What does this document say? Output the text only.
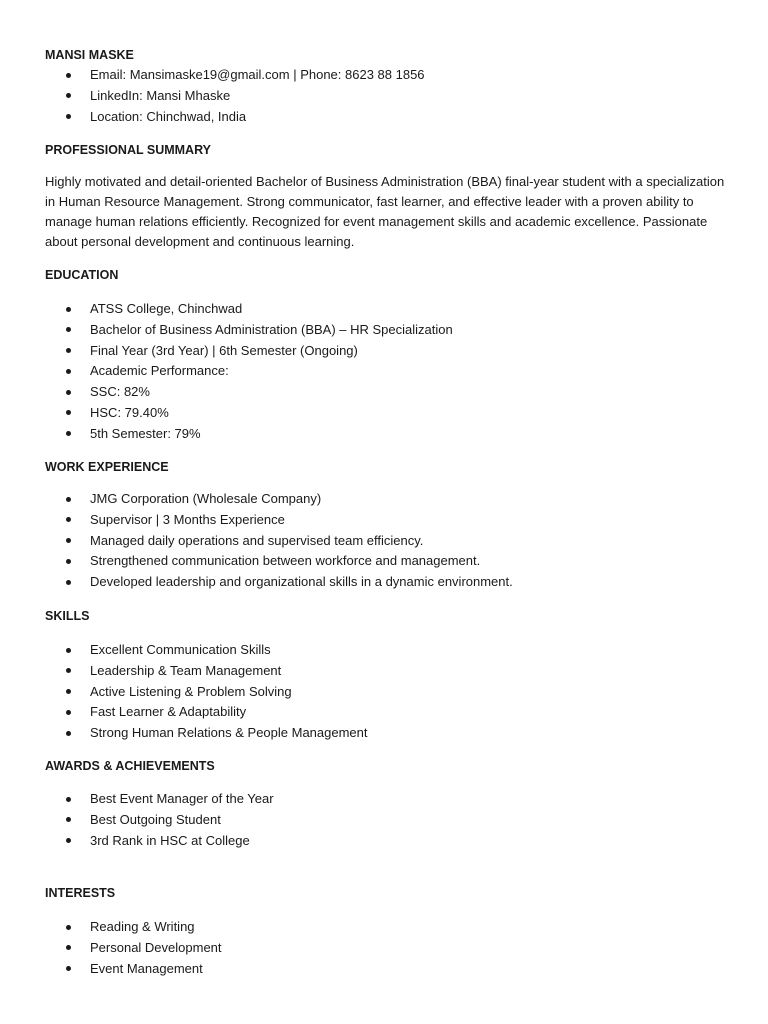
MANSI MASKE

Email: Mansimaske19@gmail.com | Phone: 8623 88 1856
LinkedIn: Mansi Mhaske
Location: Chinchwad, India

PROFESSIONAL SUMMARY

Highly motivated and detail-oriented Bachelor of Business Administration (BBA) final-year student with a specialization in Human Resource Management. Strong communicator, fast learner, and effective leader with a proven ability to manage human relations efficiently. Recognized for event management skills and academic excellence. Passionate about personal development and continuous learning.

EDUCATION

ATSS College, Chinchwad
Bachelor of Business Administration (BBA) – HR Specialization
Final Year (3rd Year) | 6th Semester (Ongoing)
Academic Performance:
SSC: 82%
HSC: 79.40%
5th Semester: 79%

WORK EXPERIENCE

JMG Corporation (Wholesale Company)
Supervisor | 3 Months Experience
Managed daily operations and supervised team efficiency.
Strengthened communication between workforce and management.
Developed leadership and organizational skills in a dynamic environment.

SKILLS

Excellent Communication Skills
Leadership & Team Management
Active Listening & Problem Solving
Fast Learner & Adaptability
Strong Human Relations & People Management

AWARDS & ACHIEVEMENTS

Best Event Manager of the Year
Best Outgoing Student
3rd Rank in HSC at College

INTERESTS

Reading & Writing
Personal Development
Event Management
